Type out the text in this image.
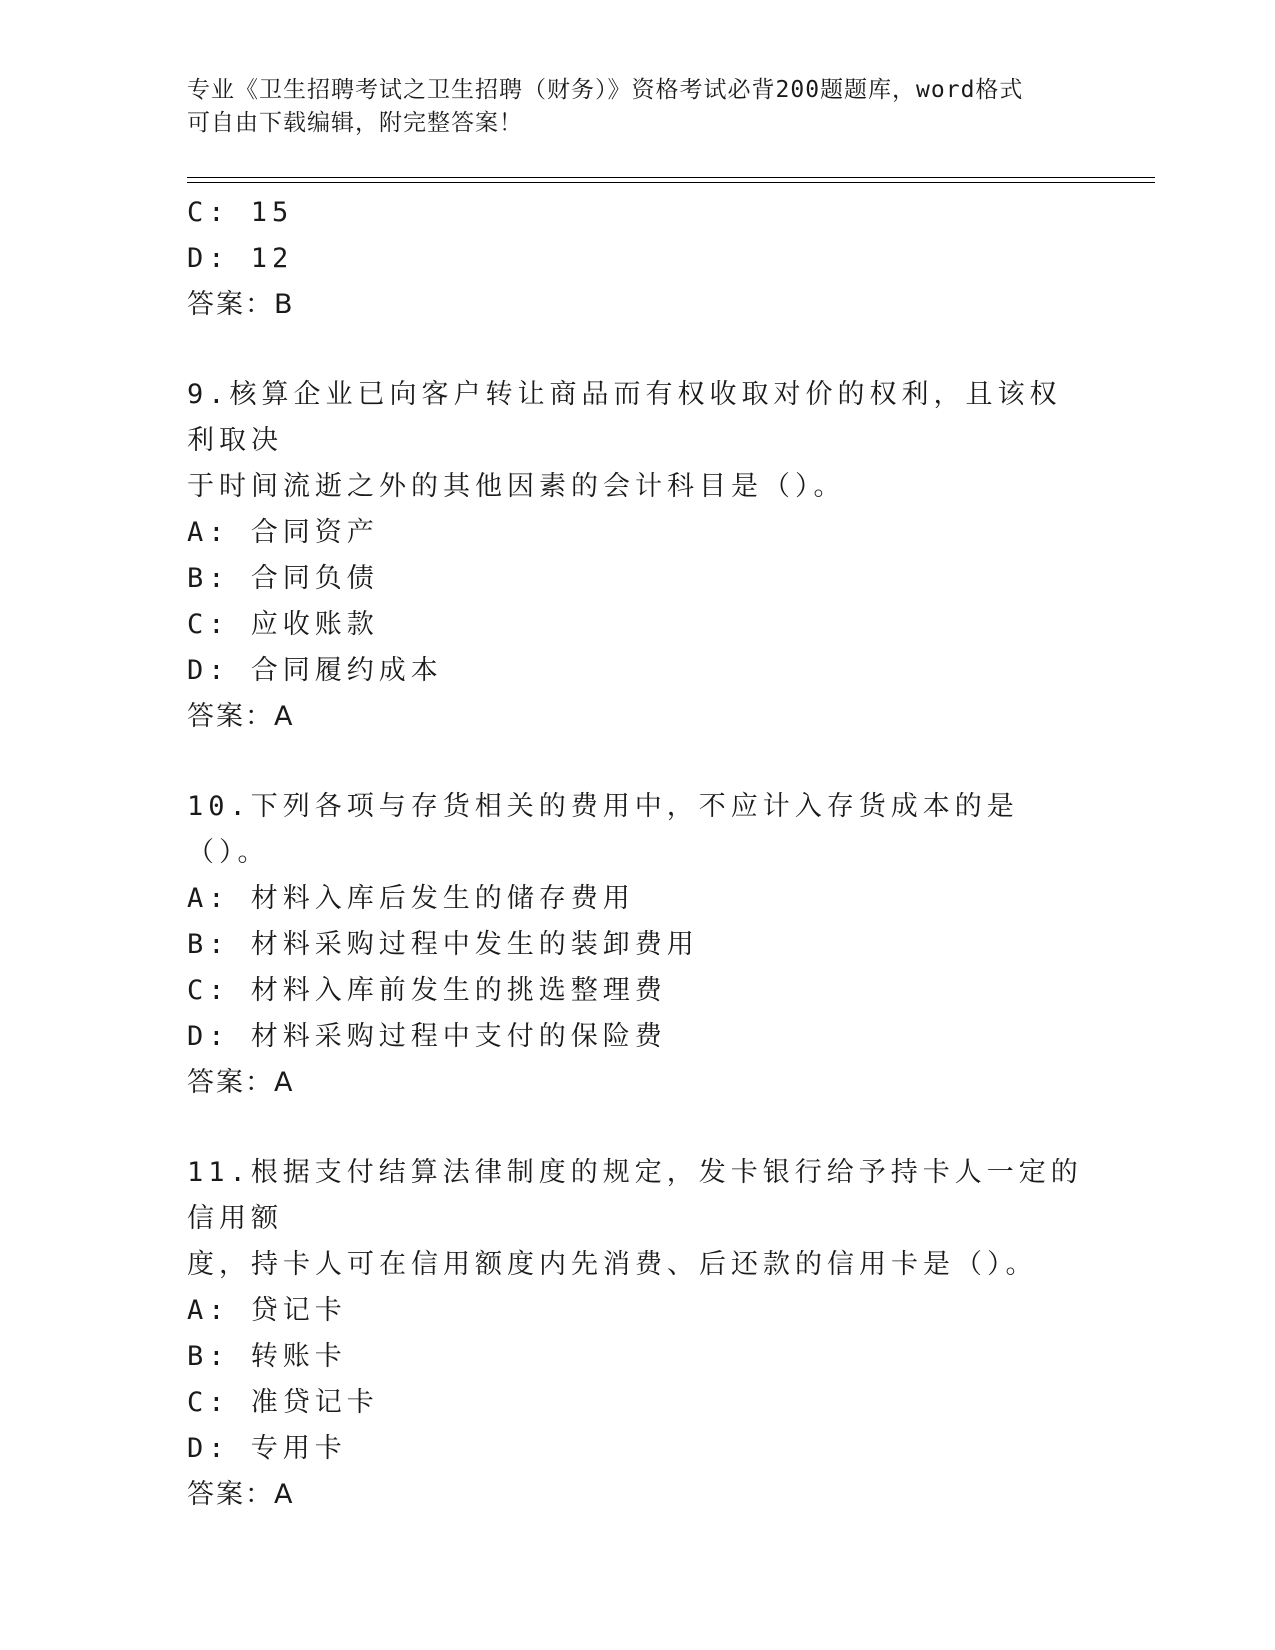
专业《卫生招聘考试之卫生招聘（财务）》资格考试必背200题题库，word格式
可自由下载编辑，附完整答案！
C: 15
D: 12
答案：B
9.核算企业已向客户转让商品而有权收取对价的权利，且该权利取决
于时间流逝之外的其他因素的会计科目是（）。
A: 合同资产
B: 合同负债
C: 应收账款
D: 合同履约成本
答案：A
10.下列各项与存货相关的费用中，不应计入存货成本的是（）。
A: 材料入库后发生的储存费用
B: 材料采购过程中发生的装卸费用
C: 材料入库前发生的挑选整理费
D: 材料采购过程中支付的保险费
答案：A
11.根据支付结算法律制度的规定，发卡银行给予持卡人一定的信用额
度，持卡人可在信用额度内先消费、后还款的信用卡是（）。
A: 贷记卡
B: 转账卡
C: 准贷记卡
D: 专用卡
答案：A
